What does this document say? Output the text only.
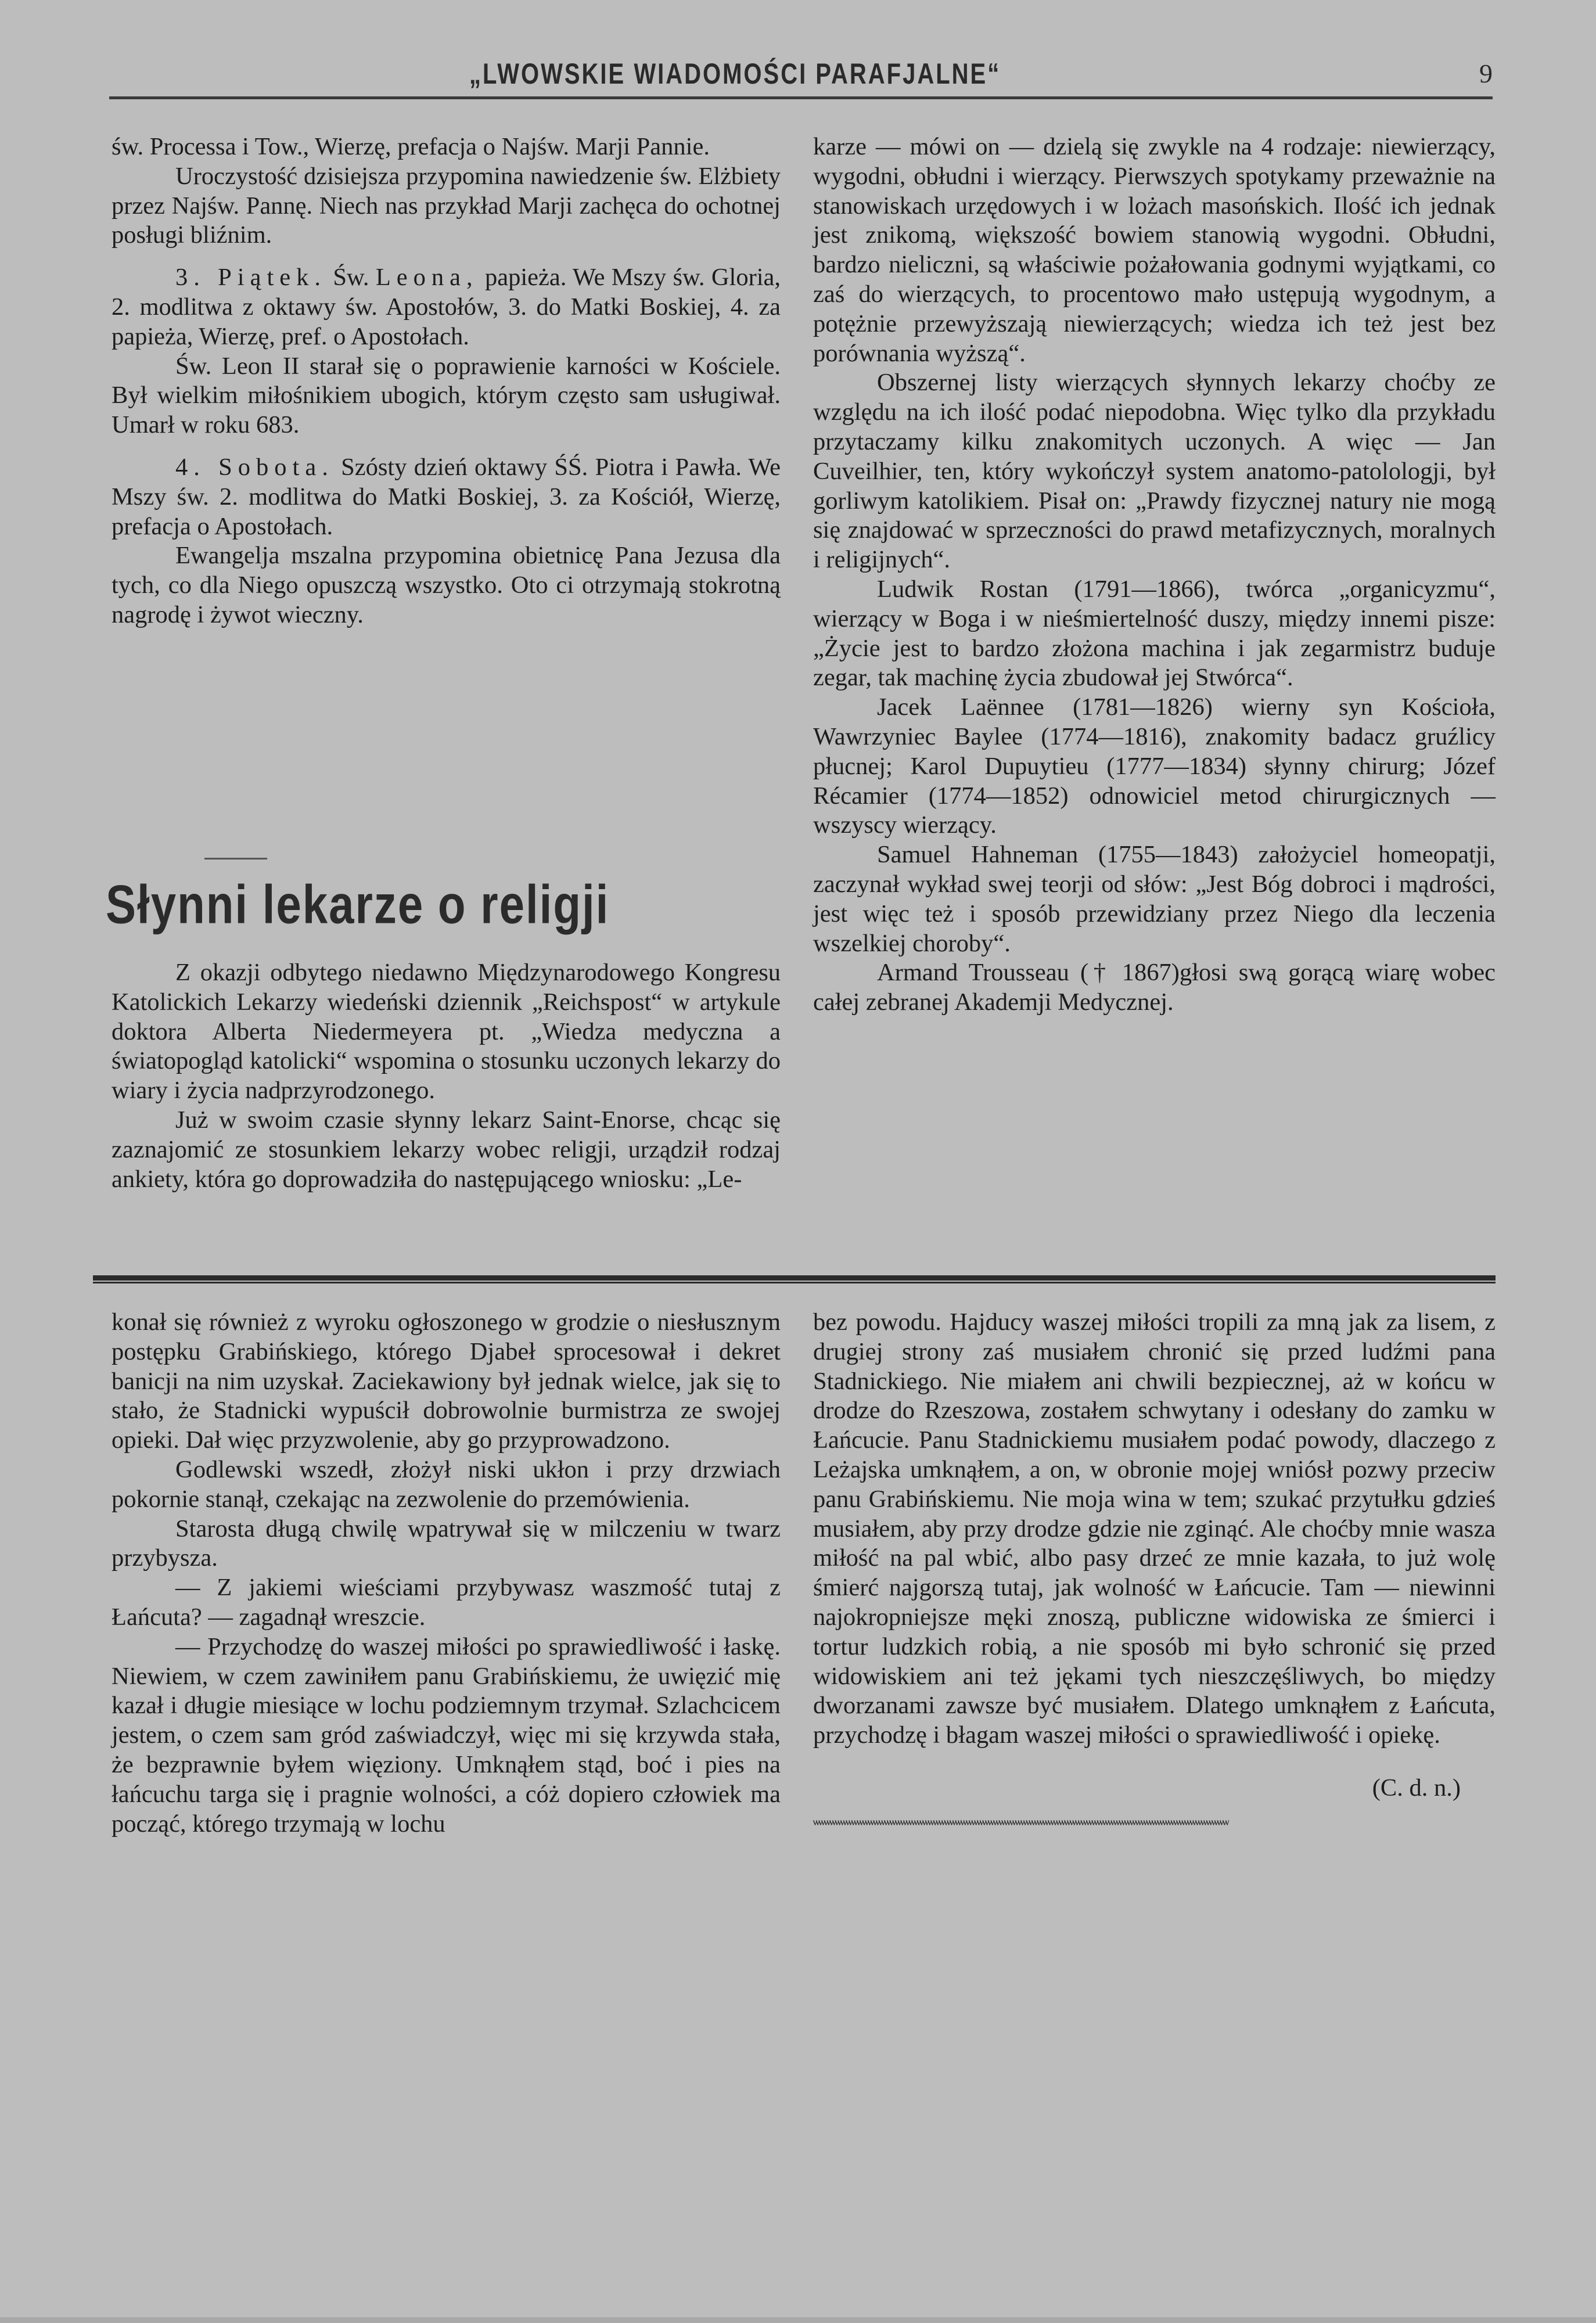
„LWOWSKIE WIADOMOŚCI PARAFJALNE“	9

św. Processa i Tow., Wierzę, prefacja o Najśw. Marji Pannie.

Uroczystość dzisiejsza przypomina nawiedzenie św. Elżbiety przez Najśw. Pannę. Niech nas przykład Marji zachęca do ochotnej posługi bliźnim.

3. Piątek. Św. Leona, papieża. We Mszy św. Gloria, 2. modlitwa z oktawy św. Apostołów, 3. do Matki Boskiej, 4. za papieża, Wierzę, pref. o Apostołach.

Św. Leon II starał się o poprawienie karności w Kościele. Był wielkim miłośnikiem ubogich, którym często sam usługiwał. Umarł w roku 683.

4. Sobota. Szósty dzień oktawy ŚŚ. Piotra i Pawła. We Mszy św. 2. modlitwa do Matki Boskiej, 3. za Kościół, Wierzę, prefacja o Apostołach.

Ewangelja mszalna przypomina obietnicę Pana Jezusa dla tych, co dla Niego opuszczą wszystko. Oto ci otrzymają stokrotną nagrodę i żywot wieczny.

Słynni lekarze o religji

Z okazji odbytego niedawno Międzynarodowego Kongresu Katolickich Lekarzy wiedeński dziennik „Reichspost“ w artykule doktora Alberta Niedermeyera pt. „Wiedza medyczna a światopogląd katolicki“ wspomina o stosunku uczonych lekarzy do wiary i życia nadprzyrodzonego.

Już w swoim czasie słynny lekarz Saint-Enorse, chcąc się zaznajomić ze stosunkiem lekarzy wobec religji, urządził rodzaj ankiety, która go doprowadziła do następującego wniosku: „Le-

karze — mówi on — dzielą się zwykle na 4 rodzaje: niewierzący, wygodni, obłudni i wierzący. Pierwszych spotykamy przeważnie na stanowiskach urzędowych i w lożach masońskich. Ilość ich jednak jest znikomą, większość bowiem stanowią wygodni. Obłudni, bardzo nieliczni, są właściwie pożałowania godnymi wyjątkami, co zaś do wierzących, to procentowo mało ustępują wygodnym, a potężnie przewyższają niewierzących; wiedza ich też jest bez porównania wyższą“.

Obszernej listy wierzących słynnych lekarzy choćby ze względu na ich ilość podać niepodobna. Więc tylko dla przykładu przytaczamy kilku znakomitych uczonych. A więc — Jan Cuveilhier, ten, który wykończył system anatomo-patolologji, był gorliwym katolikiem. Pisał on: „Prawdy fizycznej natury nie mogą się znajdować w sprzeczności do prawd metafizycznych, moralnych i religijnych“.

Ludwik Rostan (1791—1866), twórca „organicyzmu“, wierzący w Boga i w nieśmiertelność duszy, między innemi pisze: „Życie jest to bardzo złożona machina i jak zegarmistrz buduje zegar, tak machinę życia zbudował jej Stwórca“.

Jacek Laënnee (1781—1826) wierny syn Kościoła, Wawrzyniec Baylee (1774—1816), znakomity badacz gruźlicy płucnej; Karol Dupuytieu (1777—1834) słynny chirurg; Józef Récamier (1774—1852) odnowiciel metod chirurgicznych — wszyscy wierzący.

Samuel Hahneman (1755—1843) założyciel homeopatji, zaczynał wykład swej teorji od słów: „Jest Bóg dobroci i mądrości, jest więc też i sposób przewidziany przez Niego dla leczenia wszelkiej choroby“.

Armand Trousseau († 1867)głosi swą gorącą wiarę wobec całej zebranej Akademji Medycznej.

konał się również z wyroku ogłoszonego w grodzie o niesłusznym postępku Grabińskiego, którego Djabeł sprocesował i dekret banicji na nim uzyskał. Zaciekawiony był jednak wielce, jak się to stało, że Stadnicki wypuścił dobrowolnie burmistrza ze swojej opieki. Dał więc przyzwolenie, aby go przyprowadzono.

Godlewski wszedł, złożył niski ukłon i przy drzwiach pokornie stanął, czekając na zezwolenie do przemówienia.

Starosta długą chwilę wpatrywał się w milczeniu w twarz przybysza.

— Z jakiemi wieściami przybywasz waszmość tutaj z Łańcuta? — zagadnął wreszcie.

— Przychodzę do waszej miłości po sprawiedliwość i łaskę. Niewiem, w czem zawiniłem panu Grabińskiemu, że uwięzić mię kazał i długie miesiące w lochu podziemnym trzymał. Szlachcicem jestem, o czem sam gród zaświadczył, więc mi się krzywda stała, że bezprawnie byłem więziony. Umknąłem stąd, boć i pies na łańcuchu targa się i pragnie wolności, a cóż dopiero człowiek ma począć, którego trzymają w lochu

bez powodu. Hajducy waszej miłości tropili za mną jak za lisem, z drugiej strony zaś musiałem chronić się przed ludźmi pana Stadnickiego. Nie miałem ani chwili bezpiecznej, aż w końcu w drodze do Rzeszowa, zostałem schwytany i odesłany do zamku w Łańcucie. Panu Stadnickiemu musiałem podać powody, dlaczego z Leżajska umknąłem, a on, w obronie mojej wniósł pozwy przeciw panu Grabińskiemu. Nie moja wina w tem; szukać przytułku gdzieś musiałem, aby przy drodze gdzie nie zginąć. Ale choćby mnie wasza miłość na pal wbić, albo pasy drzeć ze mnie kazała, to już wolę śmierć najgorszą tutaj, jak wolność w Łańcucie. Tam — niewinni najokropniejsze męki znoszą, publiczne widowiska ze śmierci i tortur ludzkich robią, a nie sposób mi było schronić się przed widowiskiem ani też jękami tych nieszczęśliwych, bo między dworzanami zawsze być musiałem. Dlatego umknąłem z Łańcuta, przychodzę i błagam waszej miłości o sprawiedliwość i opiekę.

(C. d. n.)

ѡѡѡѡѡѡѡѡѡѡѡѡѡѡѡѡѡѡѡѡѡѡѡѡѡѡѡѡѡѡѡѡѡѡѡѡѡѡѡѡѡѡѡѡѡѡѡѡѡѡѡѡѡѡѡѡѡѡѡѡѡѡѡѡѡѡѡѡѡѡѡѡѡѡѡѡ
